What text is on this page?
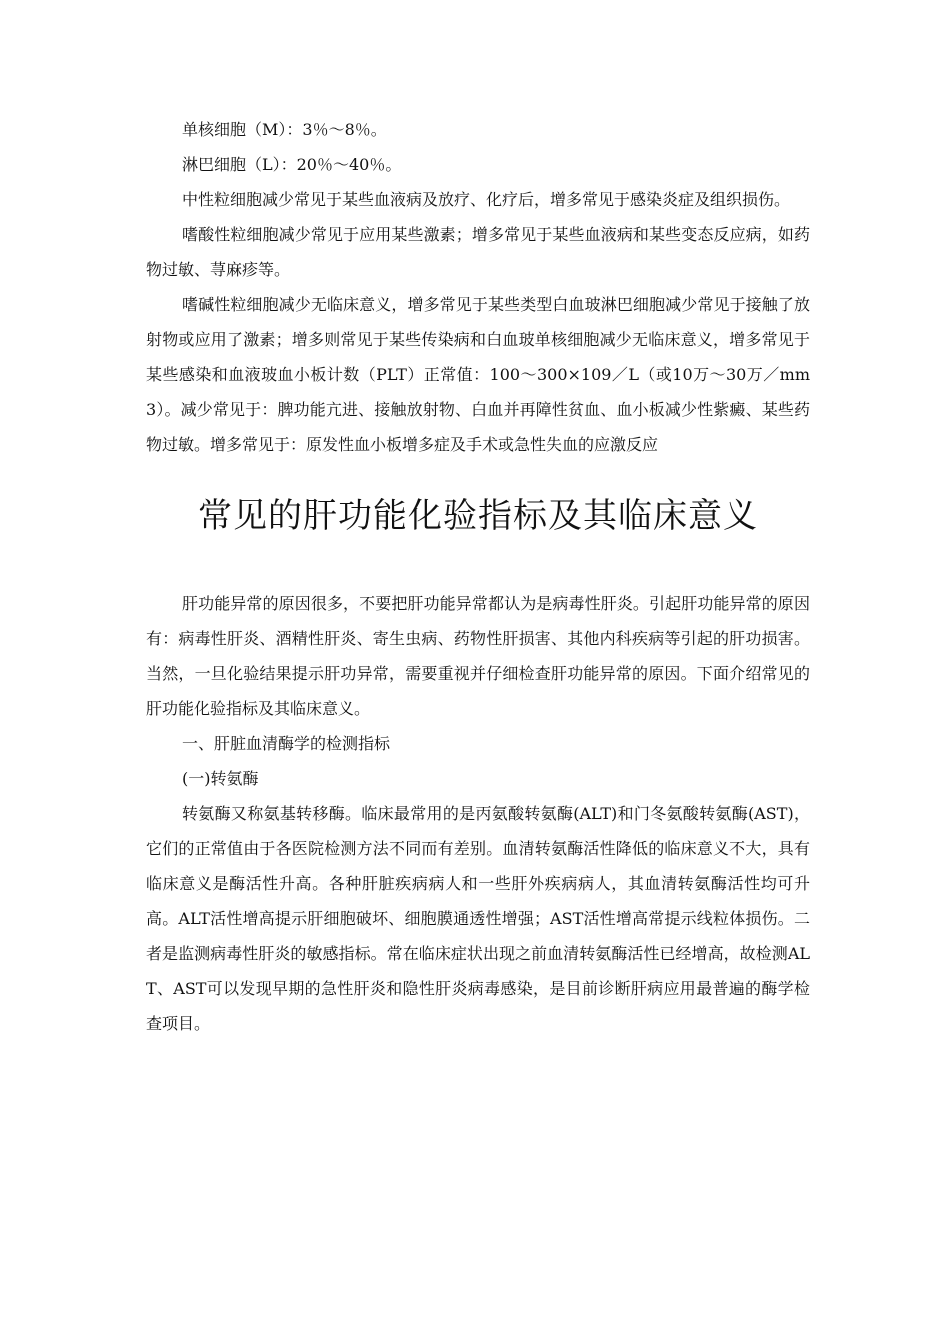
单核细胞（M）：3％～8％。

淋巴细胞（L）：20％～40％。

中性粒细胞减少常见于某些血液病及放疗、化疗后，增多常见于感染炎症及组织损伤。

嗜酸性粒细胞减少常见于应用某些激素；增多常见于某些血液病和某些变态反应病，如药物过敏、荨麻疹等。

嗜碱性粒细胞减少无临床意义，增多常见于某些类型白血玻淋巴细胞减少常见于接触了放射物或应用了激素；增多则常见于某些传染病和白血玻单核细胞减少无临床意义，增多常见于某些感染和血液玻血小板计数（PLT）正常值：100～300×109／L（或10万～30万／mm3）。减少常见于：脾功能亢进、接触放射物、白血并再障性贫血、血小板减少性紫癜、某些药物过敏。增多常见于：原发性血小板增多症及手术或急性失血的应激反应

常见的肝功能化验指标及其临床意义

肝功能异常的原因很多，不要把肝功能异常都认为是病毒性肝炎。引起肝功能异常的原因有：病毒性肝炎、酒精性肝炎、寄生虫病、药物性肝损害、其他内科疾病等引起的肝功损害。当然，一旦化验结果提示肝功异常，需要重视并仔细检查肝功能异常的原因。下面介绍常见的肝功能化验指标及其临床意义。

一、肝脏血清酶学的检测指标

(一)转氨酶

转氨酶又称氨基转移酶。临床最常用的是丙氨酸转氨酶(ALT)和门冬氨酸转氨酶(AST)，它们的正常值由于各医院检测方法不同而有差别。血清转氨酶活性降低的临床意义不大，具有临床意义是酶活性升高。各种肝脏疾病病人和一些肝外疾病病人，其血清转氨酶活性均可升高。ALT活性增高提示肝细胞破坏、细胞膜通透性增强；AST活性增高常提示线粒体损伤。二者是监测病毒性肝炎的敏感指标。常在临床症状出现之前血清转氨酶活性已经增高，故检测ALT、AST可以发现早期的急性肝炎和隐性肝炎病毒感染，是目前诊断肝病应用最普遍的酶学检查项目。
